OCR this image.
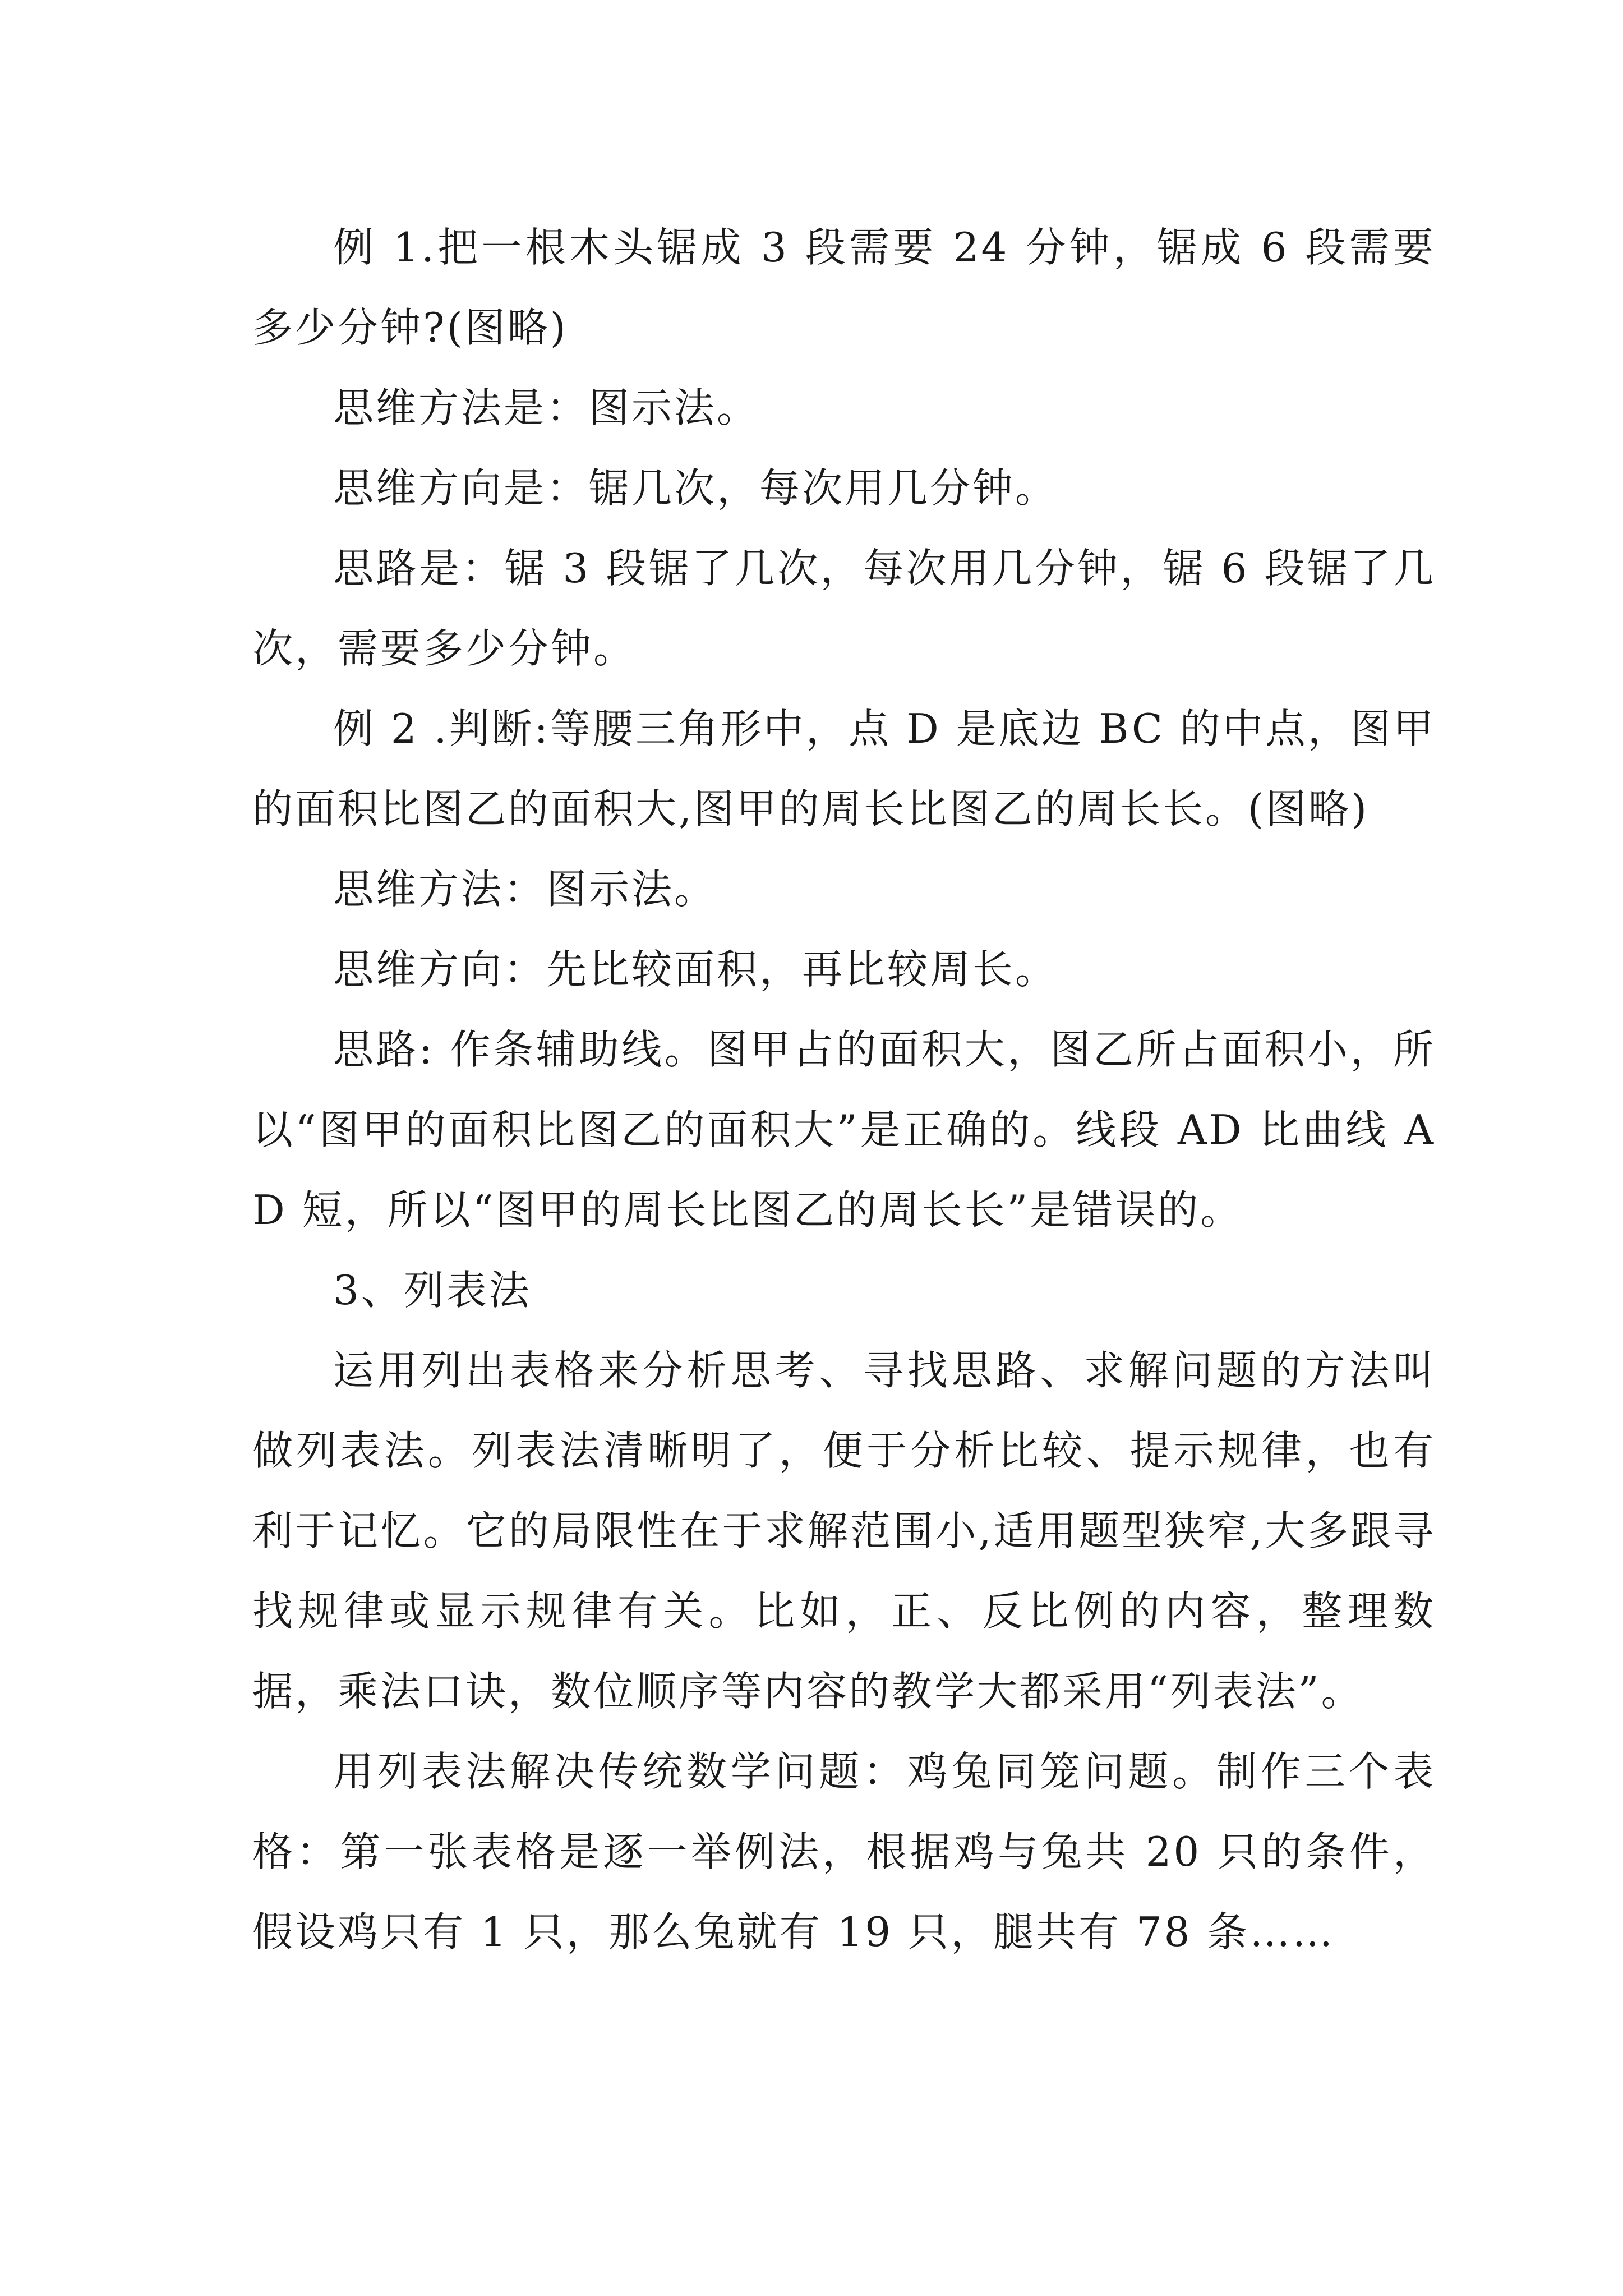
例 1.把一根木头锯成 3 段需要 24 分钟，锯成 6 段需要多少分钟?(图略)

思维方法是：图示法。

思维方向是：锯几次，每次用几分钟。

思路是：锯 3 段锯了几次，每次用几分钟，锯 6 段锯了几次，需要多少分钟。

例 2 .判断:等腰三角形中，点 D 是底边 BC 的中点，图甲的面积比图乙的面积大,图甲的周长比图乙的周长长。(图略)

思维方法：图示法。

思维方向：先比较面积，再比较周长。

思路: 作条辅助线。图甲占的面积大，图乙所占面积小，所以“图甲的面积比图乙的面积大”是正确的。线段 AD 比曲线 AD 短，所以“图甲的周长比图乙的周长长”是错误的。

3、列表法

运用列出表格来分析思考、寻找思路、求解问题的方法叫做列表法。列表法清晰明了，便于分析比较、提示规律，也有利于记忆。它的局限性在于求解范围小,适用题型狭窄,大多跟寻找规律或显示规律有关。比如，正、反比例的内容，整理数据，乘法口诀，数位顺序等内容的教学大都采用“列表法”。

用列表法解决传统数学问题：鸡兔同笼问题。制作三个表格：第一张表格是逐一举例法，根据鸡与兔共 20 只的条件，假设鸡只有 1 只，那么兔就有 19 只，腿共有 78 条……
